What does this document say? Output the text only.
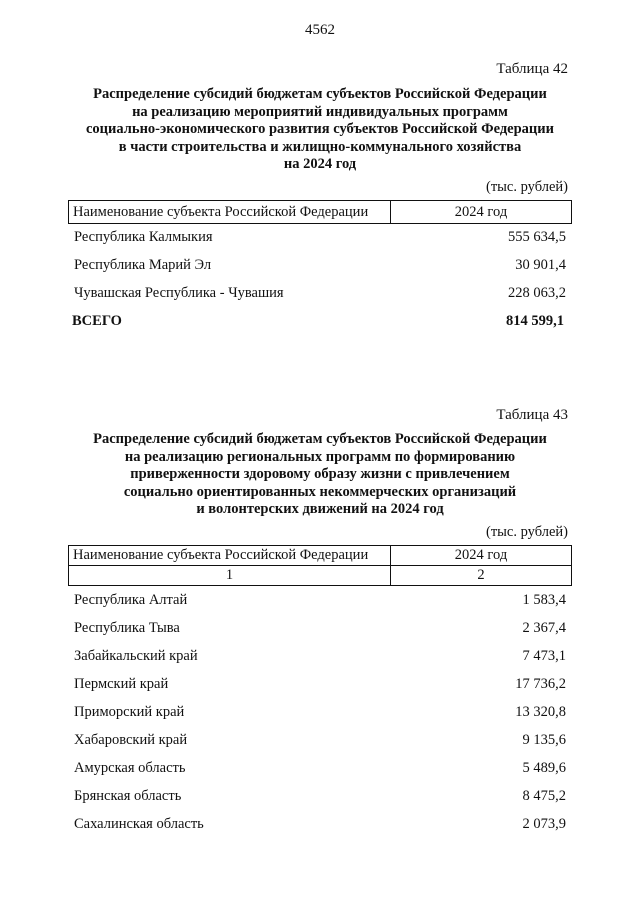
4562
Таблица 42
Распределение субсидий бюджетам субъектов Российской Федерации
на реализацию мероприятий индивидуальных программ
социально-экономического развития субъектов Российской Федерации
в части строительства и жилищно-коммунального хозяйства
на 2024 год
(тыс. рублей)
Наименование субъекта Российской Федерации	2024 год
Республика Калмыкия	555 634,5
Республика Марий Эл	30 901,4
Чувашская Республика - Чувашия	228 063,2
ВСЕГО	814 599,1
Таблица 43
Распределение субсидий бюджетам субъектов Российской Федерации
на реализацию региональных программ по формированию
приверженности здоровому образу жизни с привлечением
социально ориентированных некоммерческих организаций
и волонтерских движений на 2024 год
(тыс. рублей)
Наименование субъекта Российской Федерации	2024 год
1	2
Республика Алтай	1 583,4
Республика Тыва	2 367,4
Забайкальский край	7 473,1
Пермский край	17 736,2
Приморский край	13 320,8
Хабаровский край	9 135,6
Амурская область	5 489,6
Брянская область	8 475,2
Сахалинская область	2 073,9
